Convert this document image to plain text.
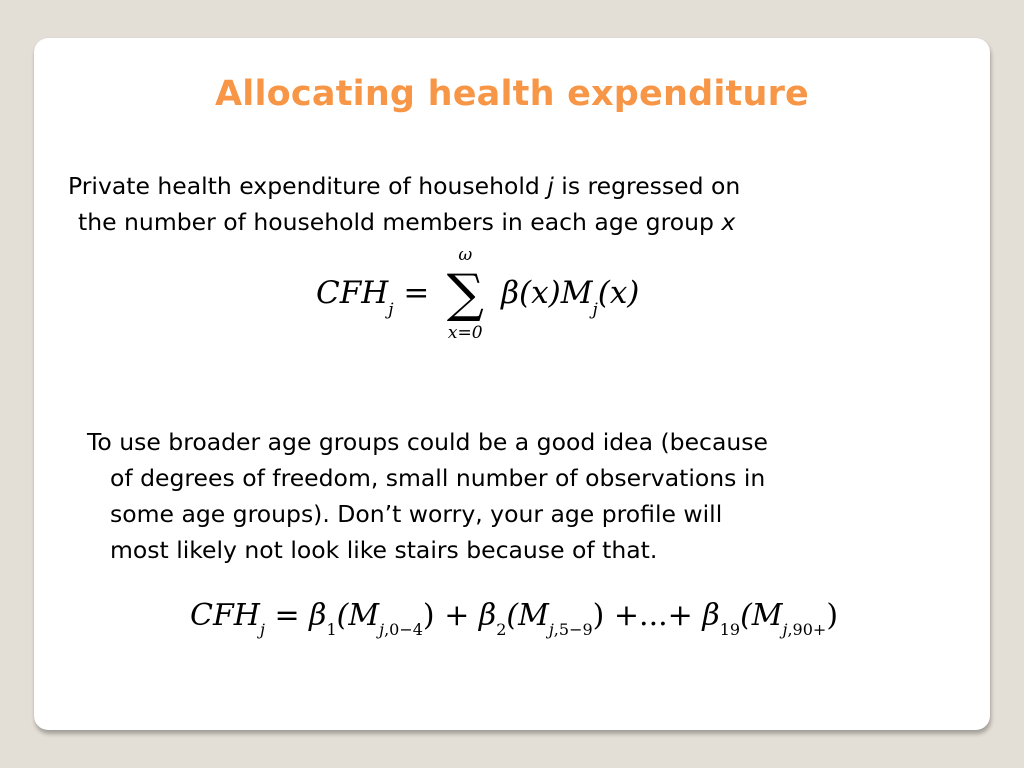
Allocating health expenditure
Private health expenditure of household j is regressed on
the number of household members in each age group x
$CFH_j$ =
ω
∑
x=0
$\beta(x)M_j(x)$
To use broader age groups could be a good idea (because
of degrees of freedom, small number of observations in
some age groups). Don’t worry, your age profile will
most likely not look like stairs because of that.
$CFH_j = \beta_1(M_{j,0-4}) + \beta_2(M_{j,5-9})$ +...+ $\beta_{19}(M_{j,90+})$
